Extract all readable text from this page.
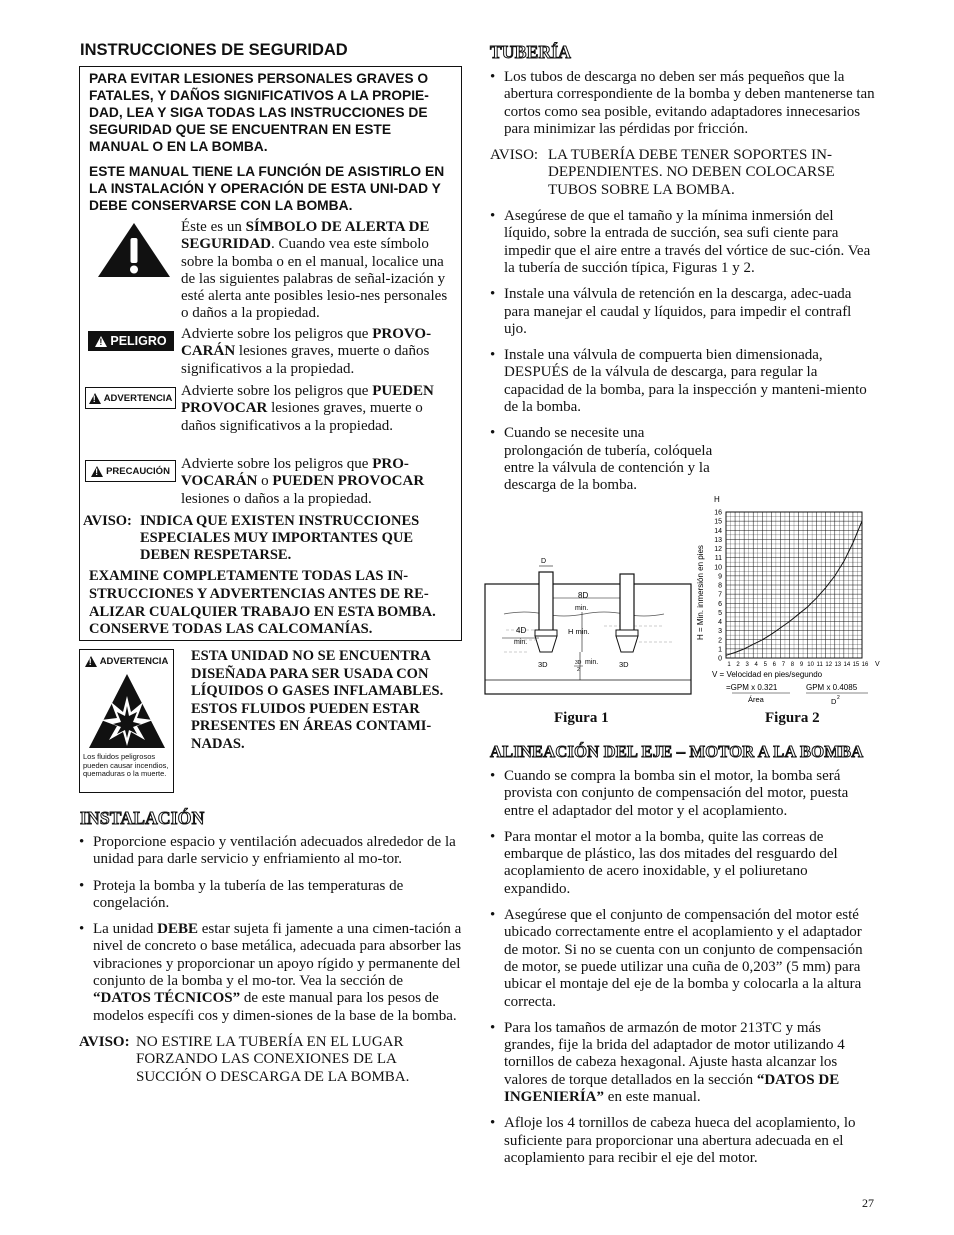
INSTRUCCIONES DE SEGURIDAD
PARA EVITAR LESIONES PERSONALES GRAVES O FATALES, Y DAÑOS SIGNIFICATIVOS A LA PROPIE-DAD, LEA Y SIGA TODAS LAS INSTRUCCIONES DE SEGURIDAD QUE SE ENCUENTRAN EN ESTE MANUAL O EN LA BOMBA.
ESTE MANUAL TIENE LA FUNCIÓN DE ASISTIRLO EN LA INSTALACIÓN Y OPERACIÓN DE ESTA UNI-DAD Y DEBE CONSERVARSE CON LA BOMBA.
Éste es un SÍMBOLO DE ALERTA DE SEGURIDAD. Cuando vea este símbolo sobre la bomba o en el manual, localice una de las siguientes palabras de señal-ización y esté alerta ante posibles lesio-nes personales o daños a la propiedad.
!
PELIGRO Advierte sobre los peligros que PROVO-CARÁN lesiones graves, muerte o daños significativos a la propiedad.
!
ADVERTENCIA Advierte sobre los peligros que PUEDEN PROVOCAR lesiones graves, muerte o daños significativos a la propiedad.
!
PRECAUCIÓN Advierte sobre los peligros que PRO-VOCARÁN o PUEDEN PROVOCAR lesiones o daños a la propiedad.
AVISO: INDICA QUE EXISTEN INSTRUCCIONES ESPECIALES MUY IMPORTANTES QUE DEBEN RESPETARSE.
EXAMINE COMPLETAMENTE TODAS LAS IN-STRUCCIONES Y ADVERTENCIAS ANTES DE RE-ALIZAR CUALQUIER TRABAJO EN ESTA BOMBA.
CONSERVE TODAS LAS CALCOMANÍAS.
!
ADVERTENCIA
Los fluidos peligrosos pueden causar incendios, quemaduras o la muerte.
ESTA UNIDAD NO SE ENCUENTRA DISEÑADA PARA SER USADA CON LÍQUIDOS O GASES INFLAMABLES. ESTOS FLUIDOS PUEDEN ESTAR PRESENTES EN ÁREAS CONTAMI-NADAS.
INSTALACIÓN
• Proporcione espacio y ventilación adecuados alrededor de la unidad para darle servicio y enfriamiento al mo-tor.
• Proteja la bomba y la tubería de las temperaturas de congelación.
• La unidad DEBE estar sujeta fi jamente a una cimen-tación a nivel de concreto o base metálica, adecuada para absorber las vibraciones y proporcionar un apoyo rígido y permanente del conjunto de la bomba y el mo-tor. Vea la sección de “DATOS TÉCNICOS” de este manual para los pesos de modelos específi cos y dimen-siones de la base de la bomba.
AVISO: NO ESTIRE LA TUBERÍA EN EL LUGAR FORZANDO LAS CONEXIONES DE LA SUCCIÓN O DESCARGA DE LA BOMBA.
TUBERÍA
• Los tubos de descarga no deben ser más pequeños que la abertura correspondiente de la bomba y deben mantenerse tan cortos como sea posible, evitando adaptadores innecesarios para minimizar las pérdidas por fricción.
AVISO: LA TUBERÍA DEBE TENER SOPORTES IN-DEPENDIENTES. NO DEBEN COLOCARSE TUBOS SOBRE LA BOMBA.
• Asegúrese de que el tamaño y la mínima inmersión del líquido, sobre la entrada de succión, sea sufi ciente para impedir que el aire entre a través del vórtice de suc-ción. Vea la tubería de succión típica, Figuras 1 y 2.
• Instale una válvula de retención en la descarga, adec-uada para manejar el caudal y líquidos, para impedir el contrafl ujo.
• Instale una válvula de compuerta bien dimensionada, DESPUÉS de la válvula de descarga, para regular la capacidad de la bomba, para la inspección y manteni-miento de la bomba.
• Cuando se necesite una prolongación de tubería, colóquela entre la válvula de contención y la descarga de la bomba.
D
8D
min.
4D
min.
H min.
3D	3D
3D
2
min.
Figura 1
H
H = Min. inmersión en pies
0
1
2
3
4
5
6
7
8
9
10
11
12
13
14
15
16
1 2 3 4 5 6 7 8 9 10 11 12 13 14 15 16 V
V = Velocidad en pies/segundo
=GPM x 0.321
Área
GPM x 0.4085
D 2
Figura 2
ALINEACIÓN DEL EJE – MOTOR A LA BOMBA
• Cuando se compra la bomba sin el motor, la bomba será provista con conjunto de compensación del motor, puesta entre el adaptador del motor y el acoplamiento.
• Para montar el motor a la bomba, quite las correas de embarque de plástico, las dos mitades del resguardo del acoplamiento de acero inoxidable, y el poliuretano expandido.
• Asegúrese que el conjunto de compensación del motor esté ubicado correctamente entre el acoplamiento y el adaptador de motor. Si no se cuenta con un conjunto de compensación de motor, se puede utilizar una cuña de 0,203” (5 mm) para ubicar el montaje del eje de la bomba y colocarla a la altura correcta.
• Para los tamaños de armazón de motor 213TC y más grandes, fije la brida del adaptador de motor utilizando 4 tornillos de cabeza hexagonal. Ajuste hasta alcanzar los valores de torque detallados en la sección “DATOS DE INGENIERÍA” en este manual.
• Afloje los 4 tornillos de cabeza hueca del acoplamiento, lo suficiente para proporcionar una abertura adecuada en el acoplamiento para recibir el eje del motor.
27
